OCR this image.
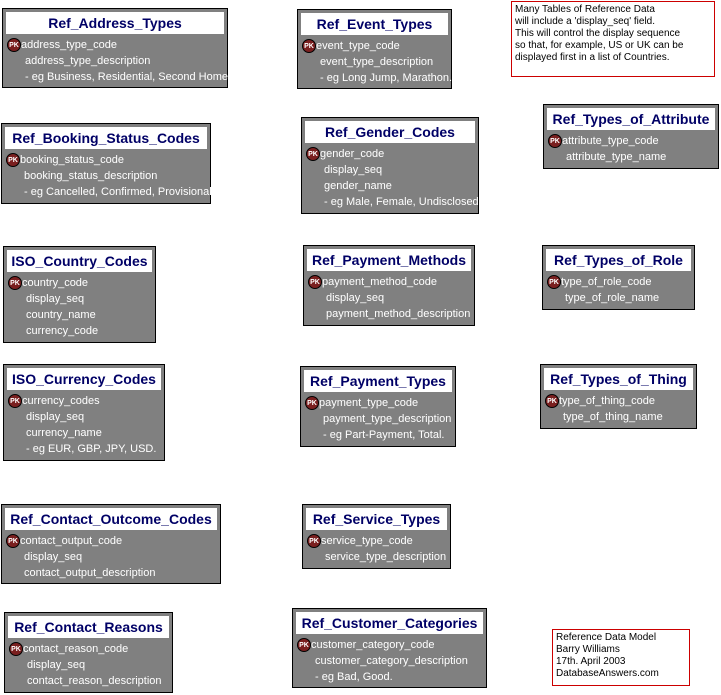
Ref_Address_Types
PK address_type_code
address_type_description
- eg Business, Residential, Second Home.
Ref_Event_Types
PK event_type_code
event_type_description
- eg Long Jump, Marathon.
Ref_Booking_Status_Codes
PK booking_status_code
booking_status_description
- eg Cancelled, Confirmed, Provisional.
Ref_Gender_Codes
PK gender_code
display_seq
gender_name
- eg Male, Female, Undisclosed.
Ref_Types_of_Attribute
PK attribute_type_code
attribute_type_name
ISO_Country_Codes
PK country_code
display_seq
country_name
currency_code
Ref_Payment_Methods
PK payment_method_code
display_seq
payment_method_description
Ref_Types_of_Role
PK type_of_role_code
type_of_role_name
ISO_Currency_Codes
PK currency_codes
display_seq
currency_name
- eg EUR, GBP, JPY, USD.
Ref_Payment_Types
PK payment_type_code
payment_type_description
- eg Part-Payment, Total.
Ref_Types_of_Thing
PK type_of_thing_code
type_of_thing_name
Ref_Contact_Outcome_Codes
PK contact_output_code
display_seq
contact_output_description
Ref_Service_Types
PK service_type_code
service_type_description
Ref_Contact_Reasons
PK contact_reason_code
display_seq
contact_reason_description
Ref_Customer_Categories
PK customer_category_code
customer_category_description
- eg Bad, Good.
Many Tables of Reference Data
will include a 'display_seq' field.
This will control the display sequence
so that, for example, US or UK can be
displayed first in a list of Countries.
Reference Data Model
Barry Williams
17th. April 2003
DatabaseAnswers.com
